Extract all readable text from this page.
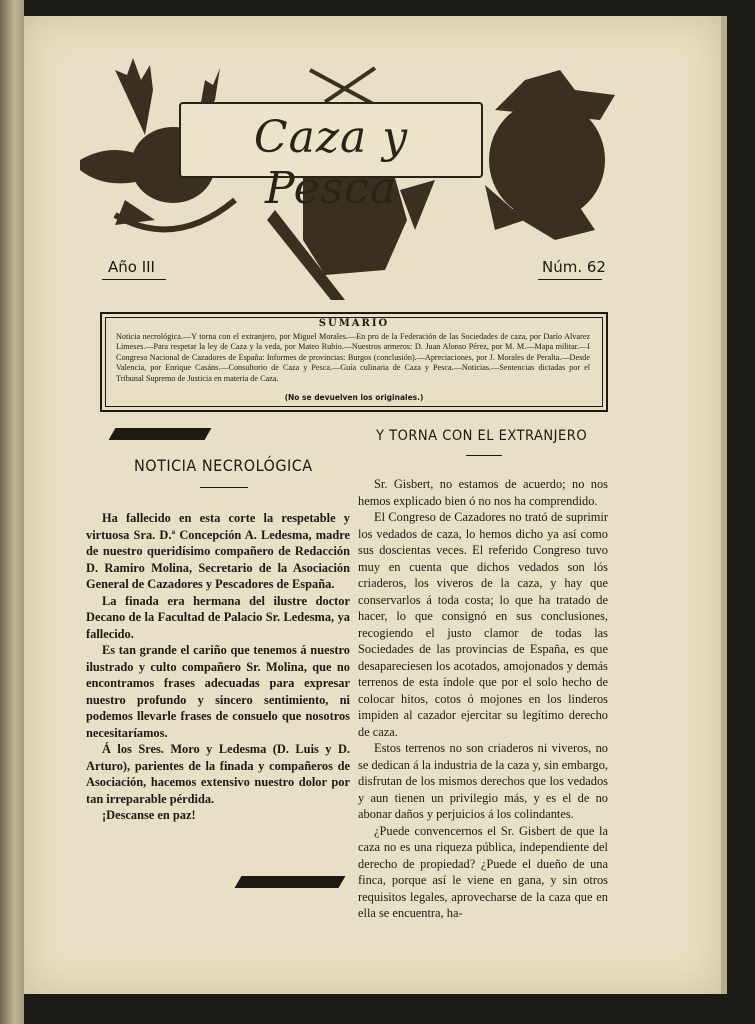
Caza y Pesca
Año III	Núm. 62
SUMARIO
Noticia necrológica.—Y torna con el extranjero, por Miguel Morales.—En pro de la Federación de las Sociedades de caza, por Darío Alvarez Limeses.—Para respetar la ley de Caza y la veda, por Mateo Rubio.—Nuestros armeros: D. Juan Alonso Pérez, por M. M.—Mapa militar.—I Congreso Nacional de Cazadores de España: Informes de provincias: Burgos (conclusión).—Apreciaciones, por J. Morales de Peralta.—Desde Valencia, por Enrique Casáns.—Consultorio de Caza y Pesca.—Guía culinaria de Caza y Pesca.—Noticias.—Sentencias dictadas por el Tribunal Supremo de Justicia en materia de Caza.
(No se devuelven los originales.)
NOTICIA NECROLÓGICA

Ha fallecido en esta corte la respetable y virtuosa Sra. D.ª Concepción A. Ledesma, madre de nuestro queridísimo compañero de Redacción D. Ramiro Molina, Secretario de la Asociación General de Cazadores y Pescadores de España.

La finada era hermana del ilustre doctor Decano de la Facultad de Palacio Sr. Ledesma, ya fallecido.

Es tan grande el cariño que tenemos á nuestro ilustrado y culto compañero Sr. Molina, que no encontramos frases adecuadas para expresar nuestro profundo y sincero sentimiento, ni podemos llevarle frases de consuelo que nosotros necesitaríamos.

Á los Sres. Moro y Ledesma (D. Luis y D. Arturo), parientes de la finada y compañeros de Asociación, hacemos extensivo nuestro dolor por tan irreparable pérdida.

¡Descanse en paz!

Y TORNA CON EL EXTRANJERO

Sr. Gisbert, no estamos de acuerdo; no nos hemos explicado bien ó no nos ha comprendido.

El Congreso de Cazadores no trató de suprimir los vedados de caza, lo hemos dicho ya así como sus doscientas veces. El referido Congreso tuvo muy en cuenta que dichos vedados son lós criaderos, los viveros de la caza, y hay que conservarlos á toda costa; lo que ha tratado de hacer, lo que consignó en sus conclusiones, recogiendo el justo clamor de todas las Sociedades de las provincias de España, es que desapareciesen los acotados, amojonados y demás terrenos de esta índole que por el solo hecho de colocar hitos, cotos ó mojones en los linderos impiden al cazador ejercitar su legítimo derecho de caza.

Estos terrenos no son criaderos ni viveros, no se dedican á la industria de la caza y, sin embargo, disfrutan de los mismos derechos que los vedados y aun tienen un privilegio más, y es el de no abonar daños y perjuicios á los colindantes.

¿Puede convencernos el Sr. Gisbert de que la caza no es una riqueza pública, independiente del derecho de propiedad? ¿Puede el dueño de una finca, porque así le viene en gana, y sin otros requisitos legales, aprovecharse de la caza que en ella se encuentra, ha-
